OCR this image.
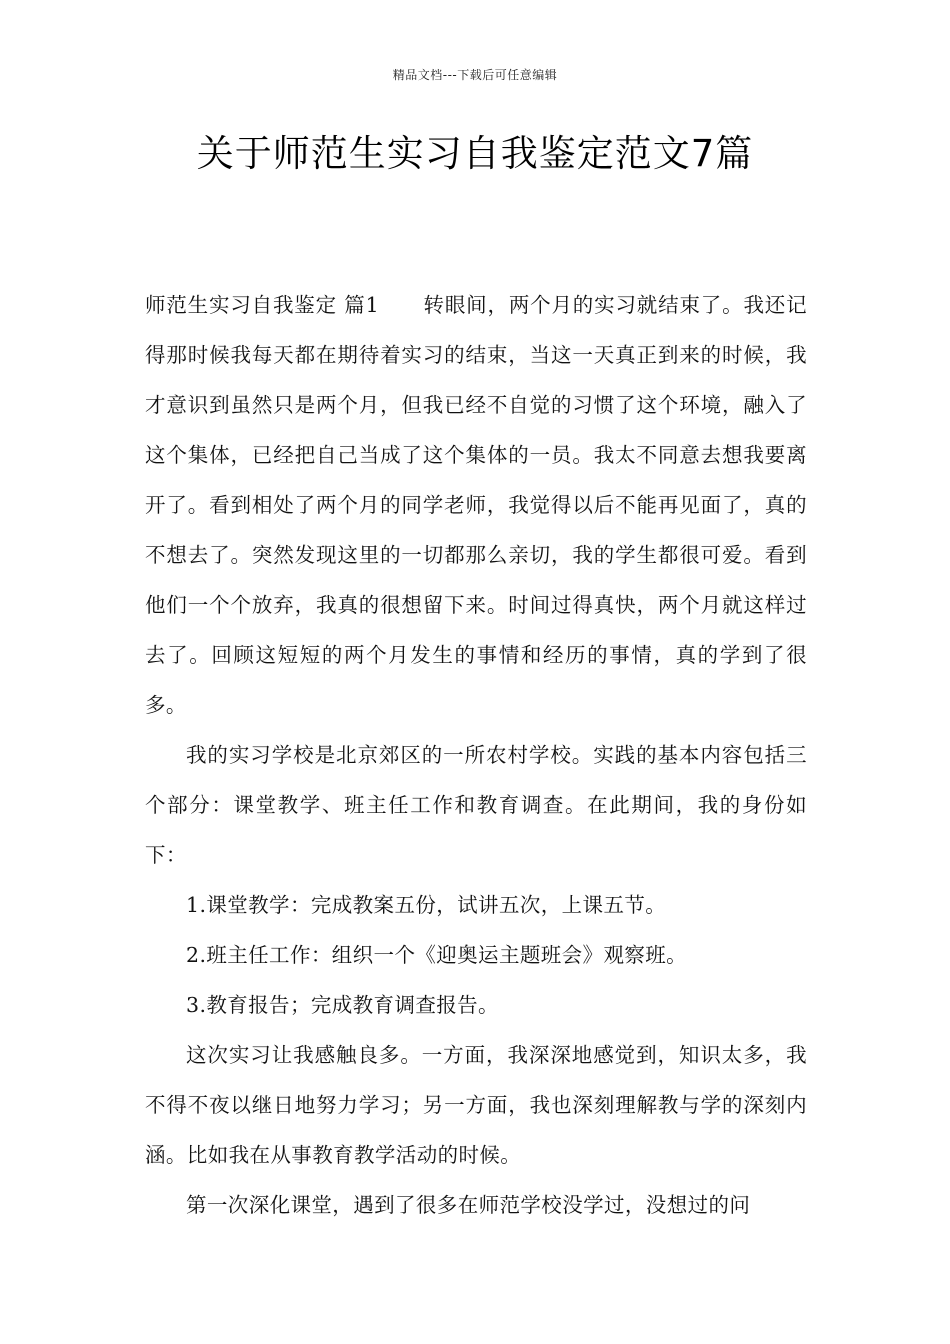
精品文档---下载后可任意编辑
关于师范生实习自我鉴定范文7篇

师范生实习自我鉴定 篇1 转眼间，两个月的实习就结束了。我还记得那时候我每天都在期待着实习的结束，当这一天真正到来的时候，我才意识到虽然只是两个月，但我已经不自觉的习惯了这个环境，融入了这个集体，已经把自己当成了这个集体的一员。我太不同意去想我要离开了。看到相处了两个月的同学老师，我觉得以后不能再见面了，真的不想去了。突然发现这里的一切都那么亲切，我的学生都很可爱。看到他们一个个放弃，我真的很想留下来。时间过得真快，两个月就这样过去了。回顾这短短的两个月发生的事情和经历的事情，真的学到了很多。

我的实习学校是北京郊区的一所农村学校。实践的基本内容包括三个部分：课堂教学、班主任工作和教育调查。在此期间，我的身份如下：

1.课堂教学：完成教案五份，试讲五次，上课五节。

2.班主任工作：组织一个《迎奥运主题班会》观察班。

3.教育报告；完成教育调查报告。

这次实习让我感触良多。一方面，我深深地感觉到，知识太多，我不得不夜以继日地努力学习；另一方面，我也深刻理解教与学的深刻内涵。比如我在从事教育教学活动的时候。

第一次深化课堂，遇到了很多在师范学校没学过，没想过的问
